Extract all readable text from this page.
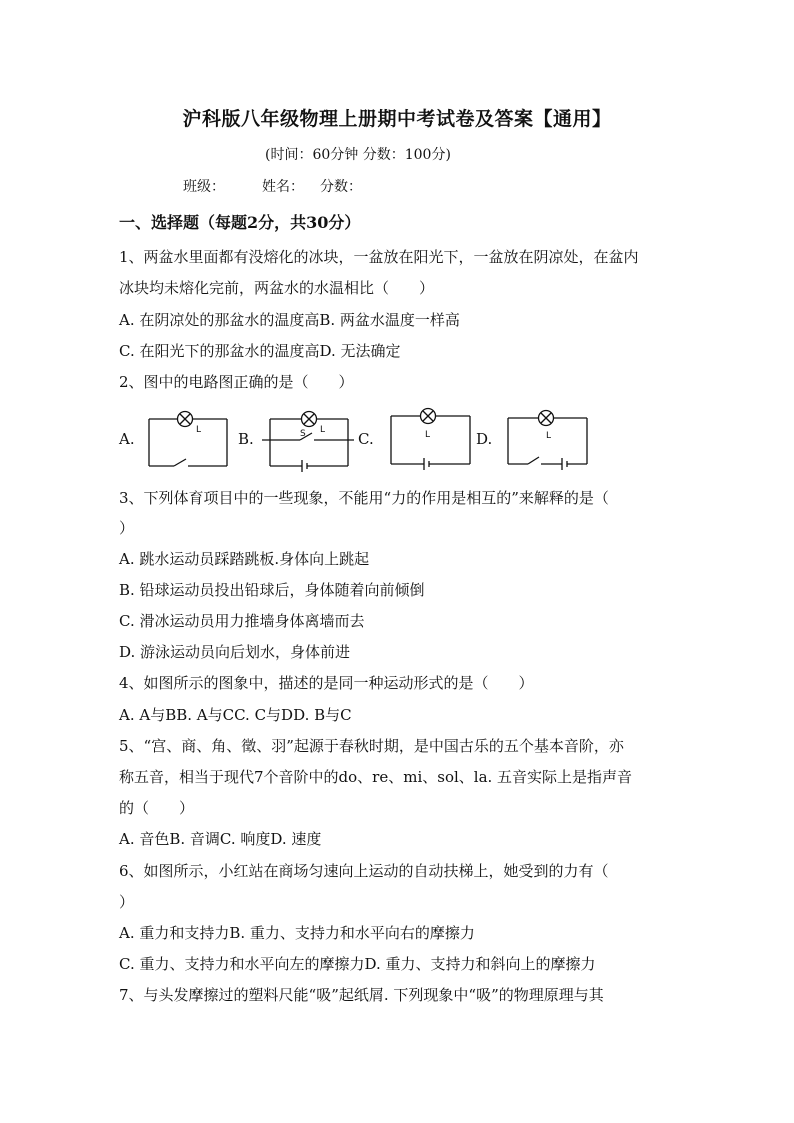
沪科版八年级物理上册期中考试卷及答案【通用】
(时间：60分钟 分数：100分)
班级：	姓名： 分数：
一、选择题（每题2分，共30分）
1、两盆水里面都有没熔化的冰块，一盆放在阳光下，一盆放在阴凉处，在盆内
冰块均未熔化完前，两盆水的水温相比（　　）
A. 在阴凉处的那盆水的温度高B. 两盆水温度一样高
C. 在阳光下的那盆水的温度高D. 无法确定
2、图中的电路图正确的是（　　）
A.	L B.	L
S	C.	L	D.	L
3、下列体育项目中的一些现象，不能用“力的作用是相互的”来解释的是（
）
A. 跳水运动员踩踏跳板.身体向上跳起
B. 铅球运动员投出铅球后，身体随着向前倾倒
C. 滑冰运动员用力推墙身体离墙而去
D. 游泳运动员向后划水，身体前进
4、如图所示的图象中，描述的是同一种运动形式的是（　　）
A. A与BB. A与CC. C与DD. B与C
5、“宫、商、角、徵、羽”起源于春秋时期，是中国古乐的五个基本音阶，亦
称五音，相当于现代7个音阶中的do、re、mi、sol、la. 五音实际上是指声音
的（　　）
A. 音色B. 音调C. 响度D. 速度
6、如图所示，小红站在商场匀速向上运动的自动扶梯上，她受到的力有（
）
A. 重力和支持力B. 重力、支持力和水平向右的摩擦力
C. 重力、支持力和水平向左的摩擦力D. 重力、支持力和斜向上的摩擦力
7、与头发摩擦过的塑料尺能“吸”起纸屑. 下列现象中“吸”的物理原理与其
